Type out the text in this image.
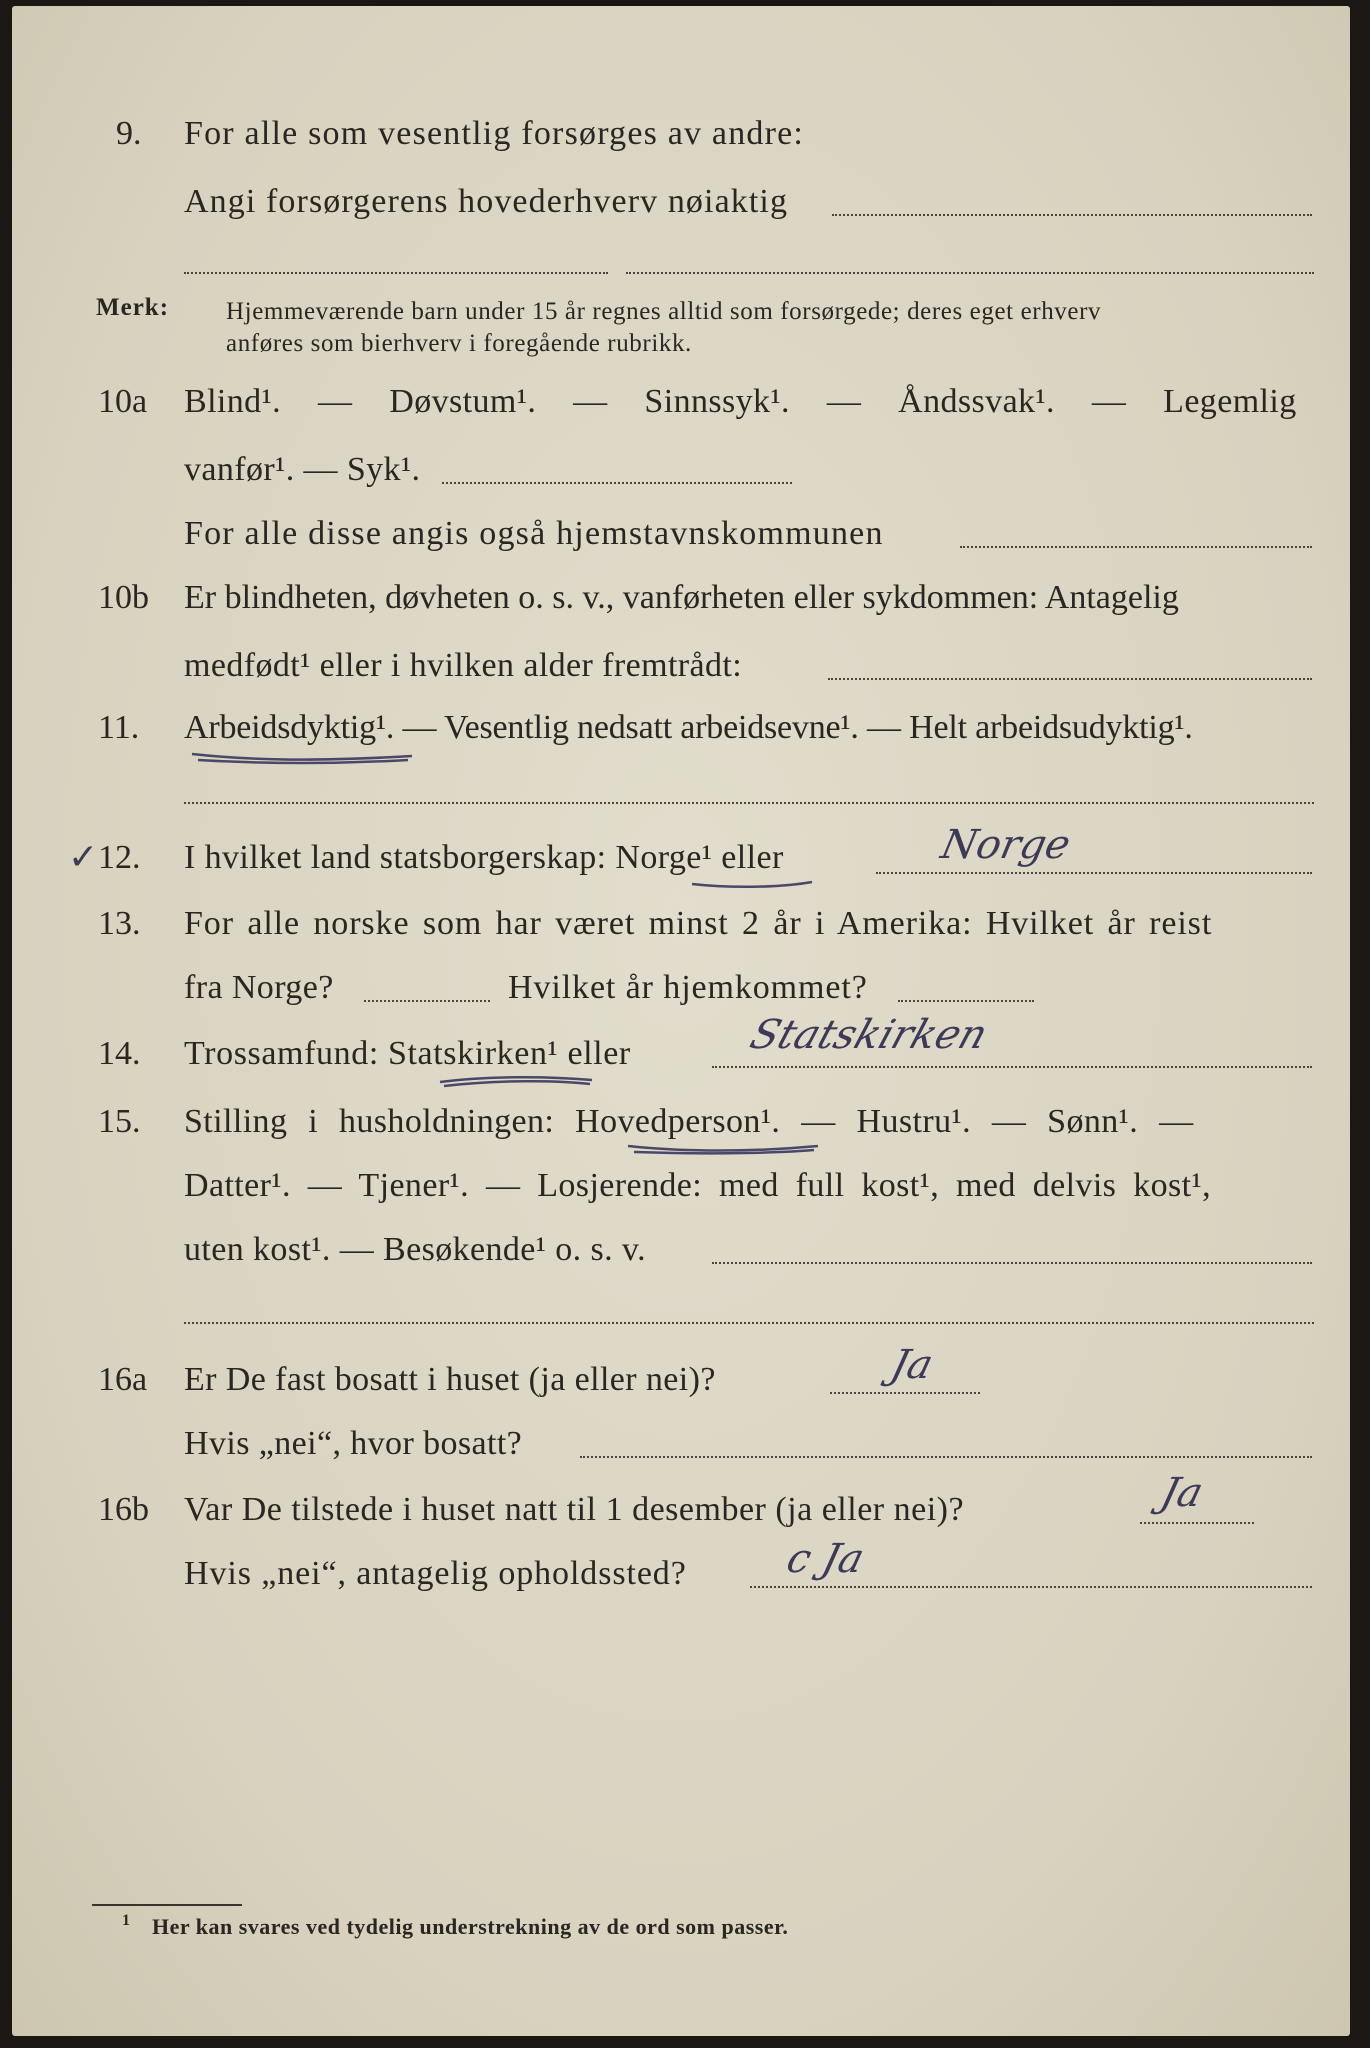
9. For alle som vesentlig forsørges av andre:
Angi forsørgerens hovederhverv nøiaktig
Merk: Hjemmeværende barn under 15 år regnes alltid som forsørgede; deres eget erhverv
anføres som bierhverv i foregående rubrikk.
10a Blind¹. — Døvstum¹. — Sinnssyk¹. — Åndssvak¹. — Legemlig
vanfør¹. — Syk¹.
For alle disse angis også hjemstavnskommunen
10b Er blindheten, døvheten o. s. v., vanførheten eller sykdommen: Antagelig
medfødt¹ eller i hvilken alder fremtrådt:
11. Arbeidsdyktig¹. — Vesentlig nedsatt arbeidsevne¹. — Helt arbeidsudyktig¹.
✓ 12. I hvilket land statsborgerskap: Norge¹ eller	Norge
13. For alle norske som har været minst 2 år i Amerika: Hvilket år reist
fra Norge?	Hvilket år hjemkommet?
14. Trossamfund: Statskirken¹ eller	Statskirken
15. Stilling i husholdningen: Hovedperson¹. — Hustru¹. — Sønn¹. —
Datter¹. — Tjener¹. — Losjerende: med full kost¹, med delvis kost¹,
uten kost¹. — Besøkende¹ o. s. v.
16a Er De fast bosatt i huset (ja eller nei)?	Ja
Hvis „nei“, hvor bosatt?
16b Var De tilstede i huset natt til 1 desember (ja eller nei)?	Ja
Hvis „nei“, antagelig opholdssted? c Ja
1 Her kan svares ved tydelig understrekning av de ord som passer.
